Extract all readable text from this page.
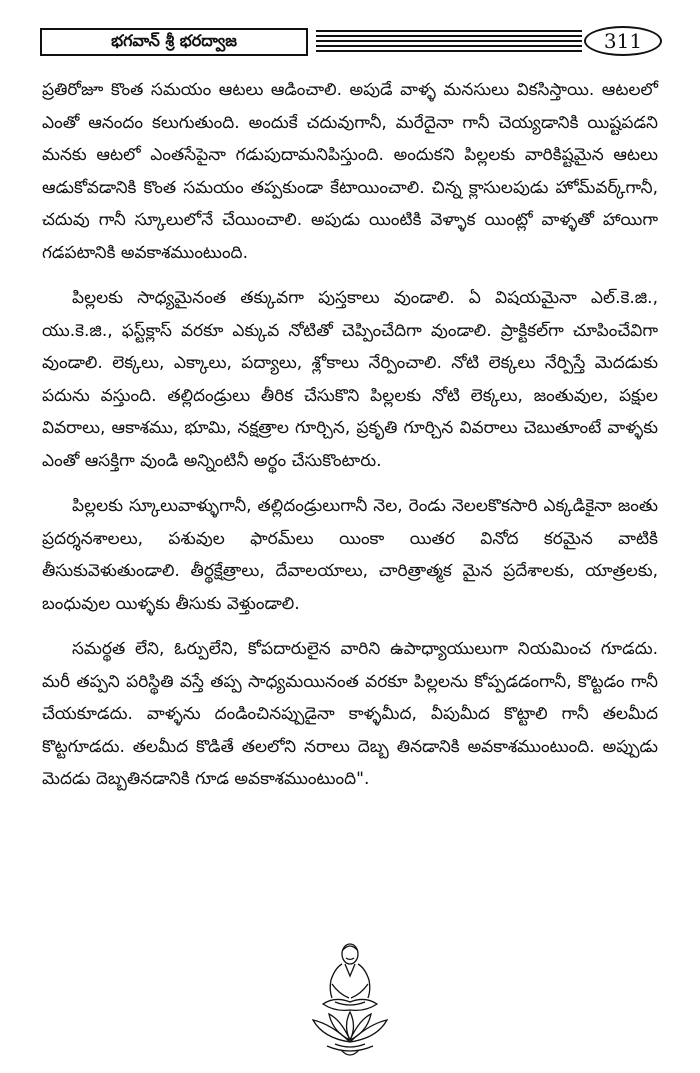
భగవాన్ శ్రీ భరద్వాజ	311

ప్రతిరోజూ కొంత సమయం ఆటలు ఆడించాలి. అపుడే వాళ్ళ మనసులు వికసిస్తాయి. ఆటలలో ఎంతో ఆనందం కలుగుతుంది. అందుకే చదువుగానీ, మరేదైనా గానీ చెయ్యడానికి యిష్టపడని మనకు ఆటలో ఎంతసేపైనా గడుపుదామనిపిస్తుంది. అందుకని పిల్లలకు వారికిష్టమైన ఆటలు ఆడుకోవడానికి కొంత సమయం తప్పకుండా కేటాయించాలి. చిన్న క్లాసులపుడు హోమ్‌వర్క్‌గానీ, చదువు గానీ స్కూలులోనే చేయించాలి. అపుడు యింటికి వెళ్ళాక యింట్లో వాళ్ళతో హాయిగా గడపటానికి అవకాశముంటుంది.

పిల్లలకు సాధ్యమైనంత తక్కువగా పుస్తకాలు వుండాలి. ఏ విషయమైనా ఎల్.కె.జి., యు.కె.జి., ఫస్ట్‌క్లాస్ వరకూ ఎక్కువ నోటితో చెప్పించేదిగా వుండాలి. ప్రాక్టికల్‌గా చూపించేవిగా వుండాలి. లెక్కలు, ఎక్కాలు, పద్యాలు, శ్లోకాలు నేర్పించాలి. నోటి లెక్కలు నేర్పిస్తే మెదడుకు పదును వస్తుంది. తల్లిదండ్రులు తీరిక చేసుకొని పిల్లలకు నోటి లెక్కలు, జంతువుల, పక్షుల వివరాలు, ఆకాశము, భూమి, నక్షత్రాల గూర్చిన, ప్రకృతి గూర్చిన వివరాలు చెబుతూంటే వాళ్ళకు ఎంతో ఆసక్తిగా వుండి అన్నింటినీ అర్థం చేసుకొంటారు.

పిల్లలకు స్కూలువాళ్ళుగానీ, తల్లిదండ్రులుగానీ నెల, రెండు నెలలకొకసారి ఎక్కడికైనా జంతు ప్రదర్శనశాలలు, పశువుల ఫారమ్‌లు యింకా యితర వినోద కరమైన వాటికి తీసుకువెళుతుండాలి. తీర్థక్షేత్రాలు, దేవాలయాలు, చారిత్రాత్మక మైన ప్రదేశాలకు, యాత్రలకు, బంధువుల యిళ్ళకు తీసుకు వెళ్తుండాలి.

సమర్థత లేని, ఓర్పులేని, కోపదారులైన వారిని ఉపాధ్యాయులుగా నియమించ గూడదు. మరీ తప్పని పరిస్థితి వస్తే తప్ప సాధ్యమయినంత వరకూ పిల్లలను కోప్పడడంగానీ, కొట్టడం గానీ చేయకూడదు. వాళ్ళను దండించినప్పుడైనా కాళ్ళమీద, వీపుమీద కొట్టాలి గానీ తలమీద కొట్టగూడదు. తలమీద కొడితే తలలోని నరాలు దెబ్బ తినడానికి అవకాశముంటుంది. అప్పుడు మెదడు దెబ్బతినడానికి గూడ అవకాశముంటుంది".
